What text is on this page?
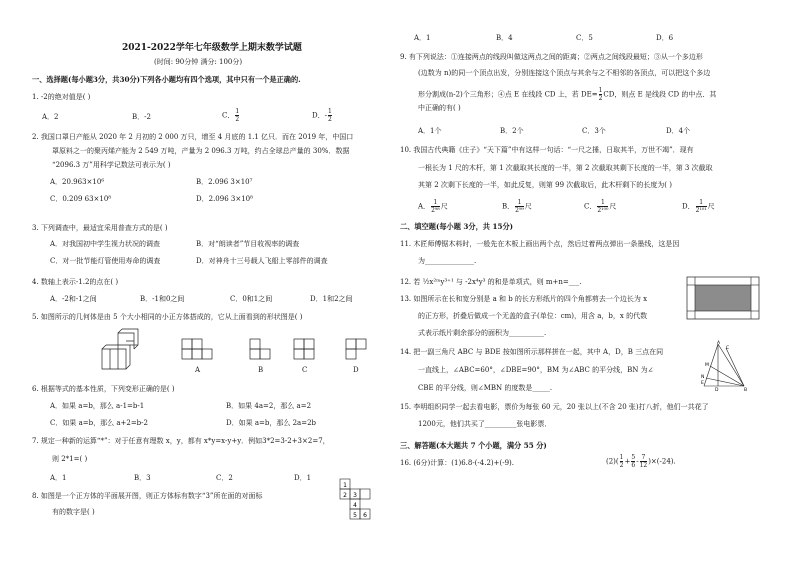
2021-2022学年七年级数学上期末数学试题
(时间: 90分钟 满分: 100分)
一、选择题(每小题3分，共30分)下列各小题均有四个选项，其中只有一个是正确的.
1. -2的绝对值是( )
A．2	B．-2	C． $\frac{1}{2}$	D．- $\frac{1}{2}$
2. 我国口罩日产能从 2020 年 2 月初的 2 000 万只，增至 4 月底的 1.1 亿只．而在 2019 年，中国口
罩原料之一的聚丙烯产能为 2 549 万吨，产量为 2 096.3 万吨，约占全球总产量的 30%．数据
“2096.3 万”用科学记数法可表示为( )
A．20.963×10⁶	B．2.096 3×10⁷
C．0.209 63×10⁸	D．2.096 3×10⁸
3. 下列调查中，最适宜采用普查方式的是( )
A．对我国初中学生视力状况的调查	B．对“朗读者”节目收视率的调查
C．对一批节能灯管使用寿命的调查	D．对神舟十三号载人飞船上零部件的调查
4. 数轴上表示-1.2的点在( )
A．-2和-1之间	B．-1和0之间	C．0和1之间	D．1和2之间
5. 如图所示的几何体是由 5 个大小相同的小正方体搭成的，它从上面看到的形状图是( )
A	B	C	D
6. 根据等式的基本性质，下列变形正确的是( )
A．如果 a=b，那么 a-1=b-1	B．如果 4a=2，那么 a=2
C．如果 a=b，那么 a+2=b-2	D．如果 a=b，那么 2a=2b
7. 规定一种新的运算“*”：对于任意有理数 x，y，都有 x*y=x-y+y．例如3*2=3-2+3×2=7，
则 2*1=( )
A．1	B．3	C．2	D．1
8. 如图是一个正方体的平面展开图，则正方体标有数字“3”所在面的对面标
有的数字是( )
1
2 3
4
5 6
A．1	B．4	C．5	D．6
9. 有下列说法：①连接两点的线段叫做这两点之间的距离；②两点之间线段最短；③从一个多边形
(边数为 n)的同一个顶点出发，分别连接这个顶点与其余与之不相邻的各顶点，可以把这个多边
形分割成(n-2)个三角形；④点 E 在线段 CD 上，若 $DE= \frac{1}{2}$ CD，则点 E 是线段 CD 的中点．其
中正确的有( )
A．1个	B．2个	C．3个	D．4个
10. 我国古代典籍《庄子》“天下篇”中有这样一句话：“一尺之捶，日取其半，万世不竭”．现有
一根长为 1 尺的木杆，第 1 次截取其长度的一半，第 2 次截取其剩下长度的一半，第 3 次截取
其第 2 次剩下长度的一半，如此反复，则第 99 次截取后，此木杆剩下的长度为( )
A． $\frac{1}{\text{2⁹⁸}}$ 尺	B． $\frac{1}{\text{2⁹⁹}}$ 尺	C． $\frac{1}{\text{2¹⁰⁰}}$ 尺	D． $\frac{1}{\text{2¹⁰¹}}$ 尺
二、填空题(每小题 3分，共 15分)
11. 木匠师傅锯木料时，一般先在木板上画出两个点，然后过着两点弹出一条墨线，这是因
为______________.
12. 若 ½x²ᵐy³⁺¹ 与 -2x⁴y³ 的和是单项式，则 m+n=___.
13. 如图所示在长和宽分别是 a 和 b 的长方形纸片的四个角都剪去一个边长为 x
的正方形，折叠后做成一个无盖的盒子(单位：cm)，用含 a，b，x 的代数
式表示纸片剩余部分的面积为__________.
14. 把一副三角尺 ABC 与 BDE 按如图所示那样拼在一起，其中 A，D，B 三点在同
一直线上，∠ABC=60°，∠DBE=90°，BM 为∠ABC 的平分线，BN 为∠
CBE 的平分线，则∠MBN 的度数是_____.
A
E
C
M
N
D	B
15. 李明组织同学一起去看电影，票价为每张 60 元，20 张以上(不含 20 张)打八折，他们一共花了
1200元，他们共买了_________张电影票．
三、解答题(本大题共 7 个小题，满分 55 分)
16. (6分)计算：(1)6.8-(-4.2)+(-9).	$(2)( \frac{1}{2} + \frac{5}{6} - \frac{7}{12} )\times(-24)$.
